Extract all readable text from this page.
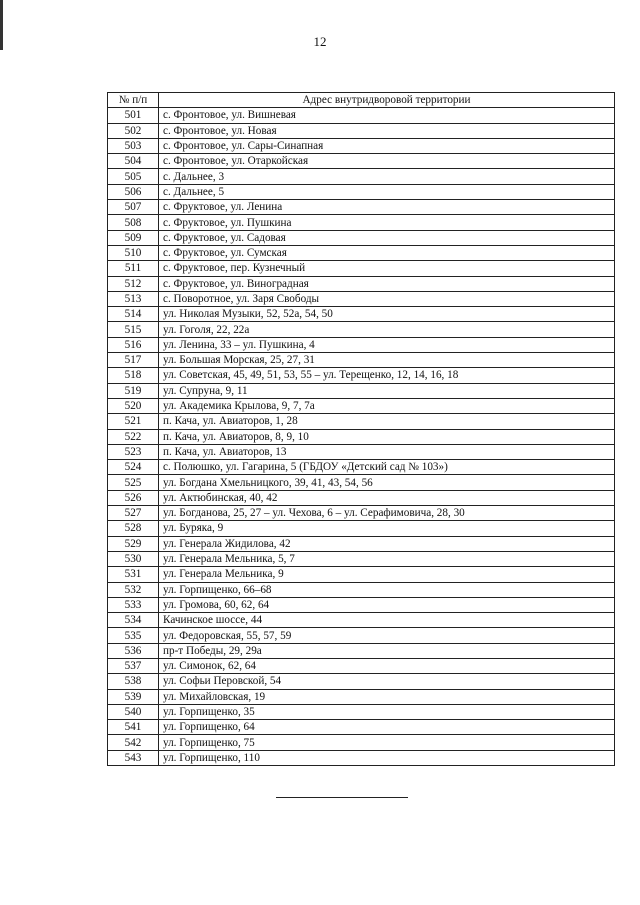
12
№ п/п	Адрес внутридворовой территории
501	с. Фронтовое, ул. Вишневая
502	с. Фронтовое, ул. Новая
503	с. Фронтовое, ул. Сары-Синапная
504	с. Фронтовое, ул. Отаркойская
505	с. Дальнее, 3
506	с. Дальнее, 5
507	с. Фруктовое, ул. Ленина
508	с. Фруктовое, ул. Пушкина
509	с. Фруктовое, ул. Садовая
510	с. Фруктовое, ул. Сумская
511	с. Фруктовое, пер. Кузнечный
512	с. Фруктовое, ул. Виноградная
513	с. Поворотное, ул. Заря Свободы
514	ул. Николая Музыки, 52, 52а, 54, 50
515	ул. Гоголя, 22, 22а
516	ул. Ленина, 33 – ул. Пушкина, 4
517	ул. Большая Морская, 25, 27, 31
518	ул. Советская, 45, 49, 51, 53, 55 – ул. Терещенко, 12, 14, 16, 18
519	ул. Супруна, 9, 11
520	ул. Академика Крылова, 9, 7, 7а
521	п. Кача, ул. Авиаторов, 1, 28
522	п. Кача, ул. Авиаторов, 8, 9, 10
523	п. Кача, ул. Авиаторов, 13
524	с. Полюшко, ул. Гагарина, 5 (ГБДОУ «Детский сад № 103»)
525	ул. Богдана Хмельницкого, 39, 41, 43, 54, 56
526	ул. Актюбинская, 40, 42
527	ул. Богданова, 25, 27 – ул. Чехова, 6 – ул. Серафимовича, 28, 30
528	ул. Буряка, 9
529	ул. Генерала Жидилова, 42
530	ул. Генерала Мельника, 5, 7
531	ул. Генерала Мельника, 9
532	ул. Горпищенко, 66–68
533	ул. Громова, 60, 62, 64
534	Качинское шоссе, 44
535	ул. Федоровская, 55, 57, 59
536	пр-т Победы, 29, 29а
537	ул. Симонок, 62, 64
538	ул. Софьи Перовской, 54
539	ул. Михайловская, 19
540	ул. Горпищенко, 35
541	ул. Горпищенко, 64
542	ул. Горпищенко, 75
543	ул. Горпищенко, 110
